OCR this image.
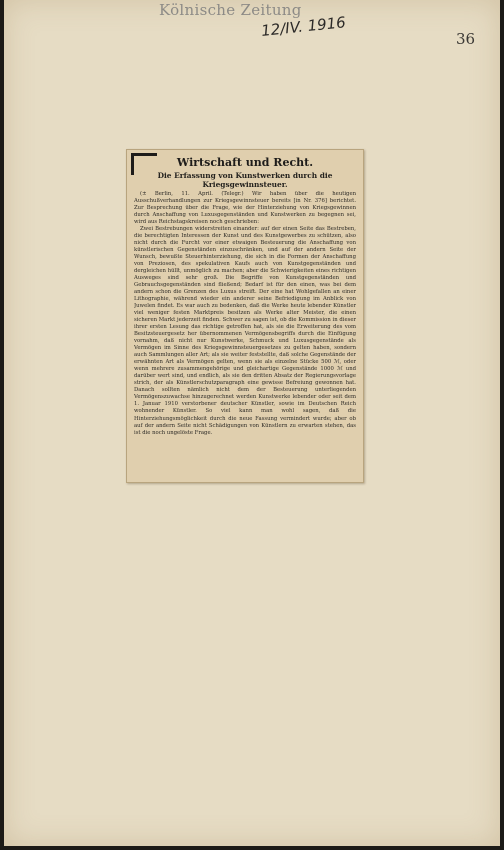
Kölnische Zeitung
12/IV. 1916	36
Wirtschaft und Recht.
Die Erfassung von Kunstwerken durch die Kriegsgewinnsteuer.

(± Berlin, 11. April. (Telegr.) Wir haben über die heutigen Ausschußverhandlungen zur Kriegsgewinnsteuer bereits [in Nr. 376] berichtet. Zur Besprechung über die Frage, wie der Hinterziehung von Kriegsgewinnen durch Anschaffung von Luxusgegenständen und Kunstwerken zu begegnen sei, wird aus Reichstagskreisen noch geschrieben:

Zwei Bestrebungen widerstreiten einander: auf der einen Seite das Bestreben, die berechtigten Interessen der Kunst und des Kunstgewerbes zu schützen, also nicht durch die Furcht vor einer etwaigen Besteuerung die Anschaffung von künstlerischen Gegenständen einzuschränken, und auf der andern Seite der Wunsch, bewußte Steuerhinterziehung, die sich in die Formen der Anschaffung von Preziosen, des spekulativen Kaufs auch von Kunstgegenständen und dergleichen hüllt, unmöglich zu machen; aber die Schwierigkeiten eines richtigen Ausweges sind sehr groß. Die Begriffe von Kunstgegenständen und Gebrauchsgegenständen sind fließend; Bedarf ist für den einen, was bei dem andern schon die Grenzen des Luxus streift. Der eine hat Wohlgefallen an einer Lithographie, während wieder ein anderer seine Befriedigung im Anblick von Juwelen findet. Es war auch zu bedenken, daß die Werke heute lebender Künstler viel weniger festen Marktpreis besitzen als Werke alter Meister, die einen sicheren Markt jederzeit finden. Schwer zu sagen ist, ob die Kommission in dieser ihrer ersten Lesung das richtige getroffen hat, als sie die Erweiterung des vom Besitzsteuergesetz her übernommenen Vermögensbegriffs durch die Einfügung vornahm, daß nicht nur Kunstwerke, Schmuck und Luxusgegenstände als Vermögen im Sinne des Kriegsgewinnsteuergesetzes zu gelten haben, sondern auch Sammlungen aller Art; als sie weiter feststellte, daß solche Gegenstände der erwähnten Art als Vermögen gelten, wenn sie als einzelne Stücke 500 ℳ, oder wenn mehrere zusammengehörige und gleichartige Gegenstände 1000 ℳ und darüber wert sind, und endlich, als sie den dritten Absatz der Regierungsvorlage strich, der als Künstlerschutzparagraph eine gewisse Befreiung gewonnen hat. Danach sollten nämlich nicht dem der Besteuerung unterliegenden Vermögenszuwachse hinzugerechnet werden Kunstwerke lebender oder seit dem 1. Januar 1910 verstorbener deutscher Künstler, sowie im Deutschen Reich wohnender Künstler. So viel kann man wohl sagen, daß die Hinterziehungsmöglichkeit durch die neue Fassung vermindert wurde; aber ob auf der andern Seite nicht Schädigungen von Künstlern zu erwarten stehen, das ist die noch ungelöste Frage.
